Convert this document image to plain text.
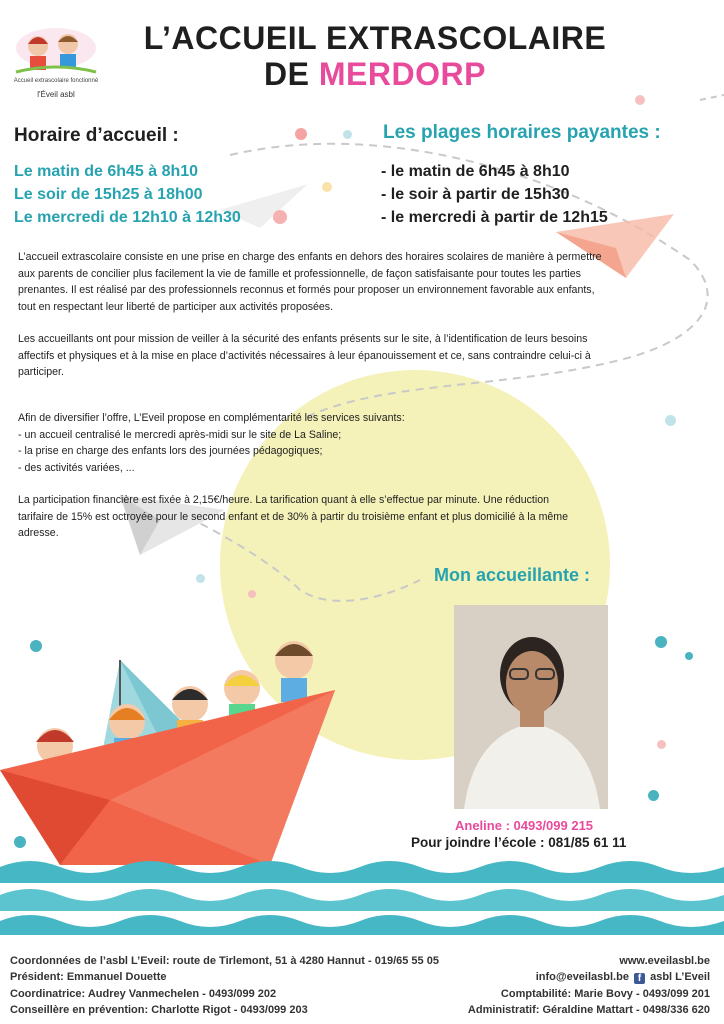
Accueil extrascolaire fonctionné
l'Éveil asbl
L’ACCUEIL EXTRASCOLAIRE
DE MERDORP
Horaire d’accueil :
Le matin de 6h45 à 8h10
Le soir de 15h25 à 18h00
Le mercredi de 12h10 à 12h30
Les plages horaires payantes :
- le matin de 6h45 à 8h10
- le soir à partir de 15h30
- le mercredi à partir de 12h15
L’accueil extrascolaire consiste en une prise en charge des enfants en dehors des horaires scolaires de manière à permettre
aux parents de concilier plus facilement la vie de famille et professionnelle, de façon satisfaisante pour toutes les parties
prenantes. Il est réalisé par des professionnels reconnus et formés pour proposer un environnement favorable aux enfants,
tout en respectant leur liberté de participer aux activités proposées.
Les accueillants ont pour mission de veiller à la sécurité des enfants présents sur le site, à l’identification de leurs besoins
affectifs et physiques et à la mise en place d’activités nécessaires à leur épanouissement et ce, sans contraindre celui-ci à
participer.
Afin de diversifier l’offre, L’Eveil propose en complémentarité les services suivants:
- un accueil centralisé le mercredi après-midi sur le site de La Saline;
- la prise en charge des enfants lors des journées pédagogiques;
- des activités variées, ...
La participation financière est fixée à 2,15€/heure. La tarification quant à elle s’effectue par minute. Une réduction
tarifaire de 15% est octroyée pour le second enfant et de 30% à partir du troisième enfant et plus domicilié à la même
adresse.
Mon accueillante :
Aneline : 0493/099 215
Pour joindre l’école : 081/85 61 11
Coordonnées de l’asbl L’Eveil: route de Tirlemont, 51 à 4280 Hannut - 019/65 55 05
Président: Emmanuel Douette
Coordinatrice: Audrey Vanmechelen - 0493/099 202
Conseillère en prévention: Charlotte Rigot - 0493/099 203
www.eveilasbl.be
info@eveilasbl.be f asbl L’Eveil
Comptabilité: Marie Bovy - 0493/099 201
Administratif: Géraldine Mattart - 0498/336 620
